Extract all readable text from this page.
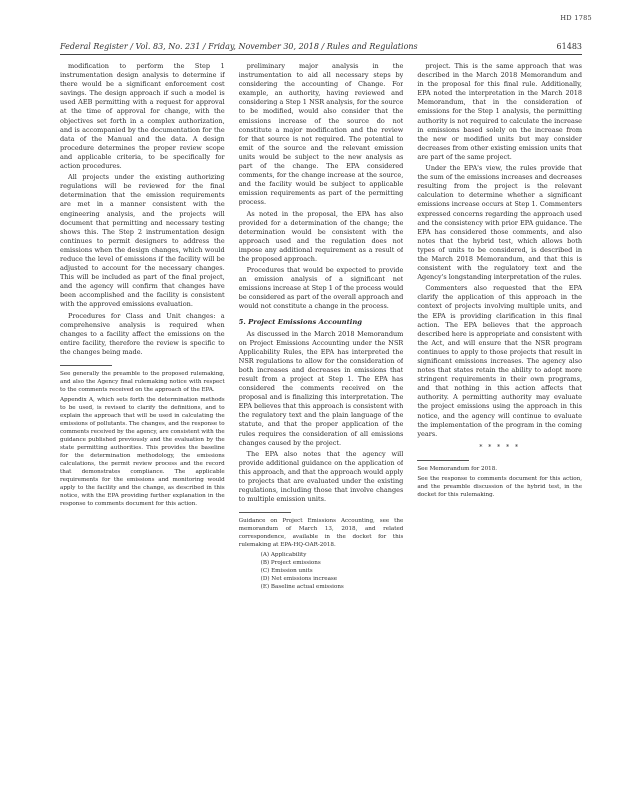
HD 1785
Federal Register / Vol. 83, No. 231 / Friday, November 30, 2018 / Rules and Regulations	61483

modification to perform the Step 1 instrumentation design analysis to determine if there would be a significant enforcement cost savings. The design approach if such a model is used AEB permitting with a request for approval at the time of approval for change, with the objectives set forth in a complex authorization, and is accompanied by the documentation for the data of the Manual and the data. A design procedure determines the proper review scope and applicable criteria, to be specifically for action procedures.

All projects under the existing authorizing regulations will be reviewed for the final determination that the emission requirements are met in a manner consistent with the engineering analysis, and the projects will document that permitting and necessary testing shows this. The Step 2 instrumentation design continues to permit designers to address the emissions when the design changes, which would reduce the level of emissions if the facility will be adjusted to account for the necessary changes. This will be included as part of the final project, and the agency will confirm that changes have been accomplished and the facility is consistent with the approved emissions evaluation.

Procedures for Class and Unit changes: a comprehensive analysis is required when changes to a facility affect the emissions on the entire facility, therefore the review is specific to the changes being made.

See generally the preamble to the proposed rulemaking, and also the Agency final rulemaking notice with respect to the comments received on the approach of the EPA.
Appendix A, which sets forth the determination methods to be used, is revised to clarify the definitions, and to explain the approach that will be used in calculating the emissions of pollutants. The changes, and the response to comments received by the agency, are consistent with the guidance published previously and the evaluation by the state permitting authorities. This provides the baseline for the determination methodology, the emissions calculations, the permit review process and the record that demonstrates compliance. The applicable requirements for the emissions and monitoring would apply to the facility and the change, as described in this notice, with the EPA providing further explanation in the response to comments document for this action.

preliminary major analysis in the instrumentation to aid all necessary steps by considering the accounting of Change. For example, an authority, having reviewed and considering a Step 1 NSR analysis, for the source to be modified, would also consider that the emissions increase of the source do not constitute a major modification and the review for that source is not required. The potential to emit of the source and the relevant emission units would be subject to the new analysis as part of the change. The EPA considered comments, for the change increase at the source, and the facility would be subject to applicable emission requirements as part of the permitting process.

As noted in the proposal, the EPA has also provided for a determination of the change; the determination would be consistent with the approach used and the regulation does not impose any additional requirement as a result of the proposed approach.

Procedures that would be expected to provide an emission analysis of a significant net emissions increase at Step 1 of the process would be considered as part of the overall approach and would not constitute a change in the process.

5. Project Emissions Accounting

As discussed in the March 2018 Memorandum on Project Emissions Accounting under the NSR Applicability Rules, the EPA has interpreted the NSR regulations to allow for the consideration of both increases and decreases in emissions that result from a project at Step 1. The EPA has considered the comments received on the proposal and is finalizing this interpretation. The EPA believes that this approach is consistent with the regulatory text and the plain language of the statute, and that the proper application of the rules requires the consideration of all emissions changes caused by the project.

The EPA also notes that the agency will provide additional guidance on the application of this approach, and that the approach would apply to projects that are evaluated under the existing regulations, including those that involve changes to multiple emission units.

Guidance on Project Emissions Accounting, see the memorandum of March 13, 2018, and related correspondence, available in the docket for this rulemaking at EPA-HQ-OAR-2018.
(A) Applicability
(B) Project emissions
(C) Emission units
(D) Net emissions increase
(E) Baseline actual emissions

project. This is the same approach that was described in the March 2018 Memorandum and in the proposal for this final rule. Additionally, EPA noted the interpretation in the March 2018 Memorandum, that in the consideration of emissions for the Step 1 analysis, the permitting authority is not required to calculate the increase in emissions based solely on the increase from the new or modified units but may consider decreases from other existing emission units that are part of the same project.

Under the EPA's view, the rules provide that the sum of the emissions increases and decreases resulting from the project is the relevant calculation to determine whether a significant emissions increase occurs at Step 1. Commenters expressed concerns regarding the approach used and the consistency with prior EPA guidance. The EPA has considered those comments, and also notes that the hybrid test, which allows both types of units to be considered, is described in the March 2018 Memorandum, and that this is consistent with the regulatory text and the Agency's longstanding interpretation of the rules.

Commenters also requested that the EPA clarify the application of this approach in the context of projects involving multiple units, and the EPA is providing clarification in this final action. The EPA believes that the approach described here is appropriate and consistent with the Act, and will ensure that the NSR program continues to apply to those projects that result in significant emissions increases. The agency also notes that states retain the ability to adopt more stringent requirements in their own programs, and that nothing in this action affects that authority. A permitting authority may evaluate the project emissions using the approach in this notice, and the agency will continue to evaluate the implementation of the program in the coming years.

* * * * *
See Memorandum for 2018.
See the response to comments document for this action, and the preamble discussion of the hybrid test, in the docket for this rulemaking.
